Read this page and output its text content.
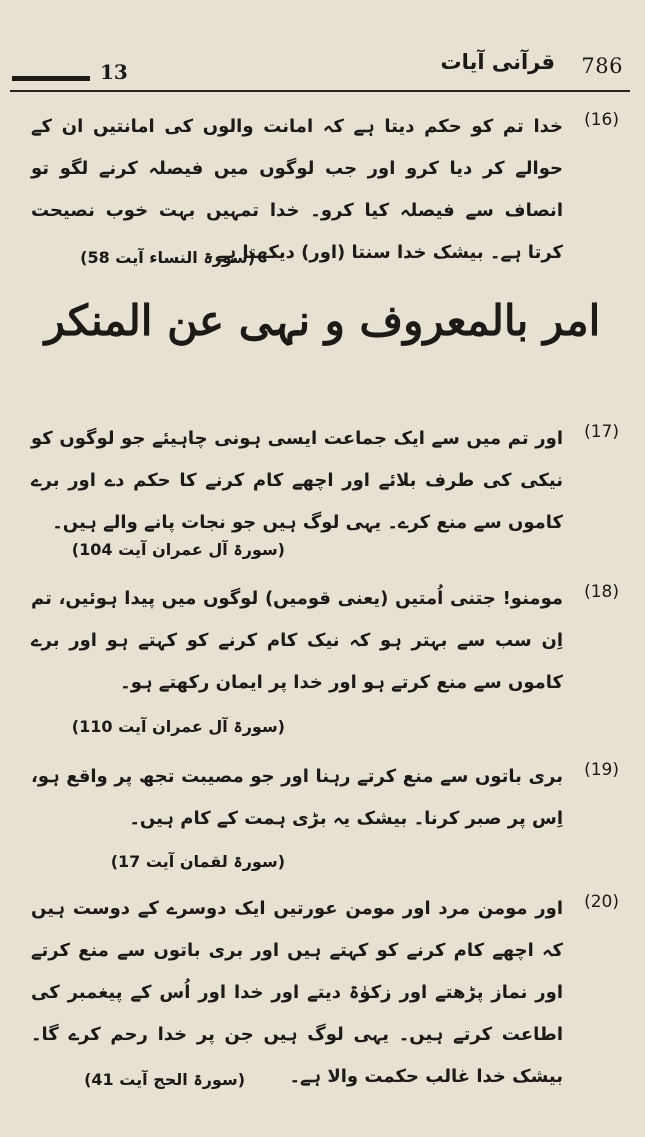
786
قرآنی آیات
13
(16)
خدا تم کو حکم دیتا ہے کہ امانت والوں کی امانتیں ان کے حوالے کر دیا کرو اور جب لوگوں میں فیصلہ کرنے لگو تو انصاف سے فیصلہ کیا کرو۔ خدا تمہیں بہت خوب نصیحت کرتا ہے۔ بیشک خدا سنتا (اور) دیکھتا ہے۔
(سورۃ النساء آیت 58)
امر بالمعروف و نہی عن المنکر
(17)
اور تم میں سے ایک جماعت ایسی ہونی چاہیئے جو لوگوں کو نیکی کی طرف بلائے اور اچھے کام کرنے کا حکم دے اور برے کاموں سے منع کرے۔ یہی لوگ ہیں جو نجات پانے والے ہیں۔
(سورۃ آل عمران آیت 104)
(18)
مومنو! جتنی اُمتیں (یعنی قومیں) لوگوں میں پیدا ہوئیں، تم اِن سب سے بہتر ہو کہ نیک کام کرنے کو کہتے ہو اور برے کاموں سے منع کرتے ہو اور خدا پر ایمان رکھتے ہو۔
(سورۃ آل عمران آیت 110)
(19)
بری باتوں سے منع کرتے رہنا اور جو مصیبت تجھ پر واقع ہو، اِس پر صبر کرنا۔ بیشک یہ بڑی ہمت کے کام ہیں۔
(سورۃ لقمان آیت 17)
(20)
اور مومن مرد اور مومن عورتیں ایک دوسرے کے دوست ہیں کہ اچھے کام کرنے کو کہتے ہیں اور بری باتوں سے منع کرتے اور نماز پڑھتے اور زکوٰۃ دیتے اور خدا اور اُس کے پیغمبر کی اطاعت کرتے ہیں۔ یہی لوگ ہیں جن پر خدا رحم کرے گا۔ بیشک خدا غالب حکمت والا ہے۔
(سورۃ الحج آیت 41)
